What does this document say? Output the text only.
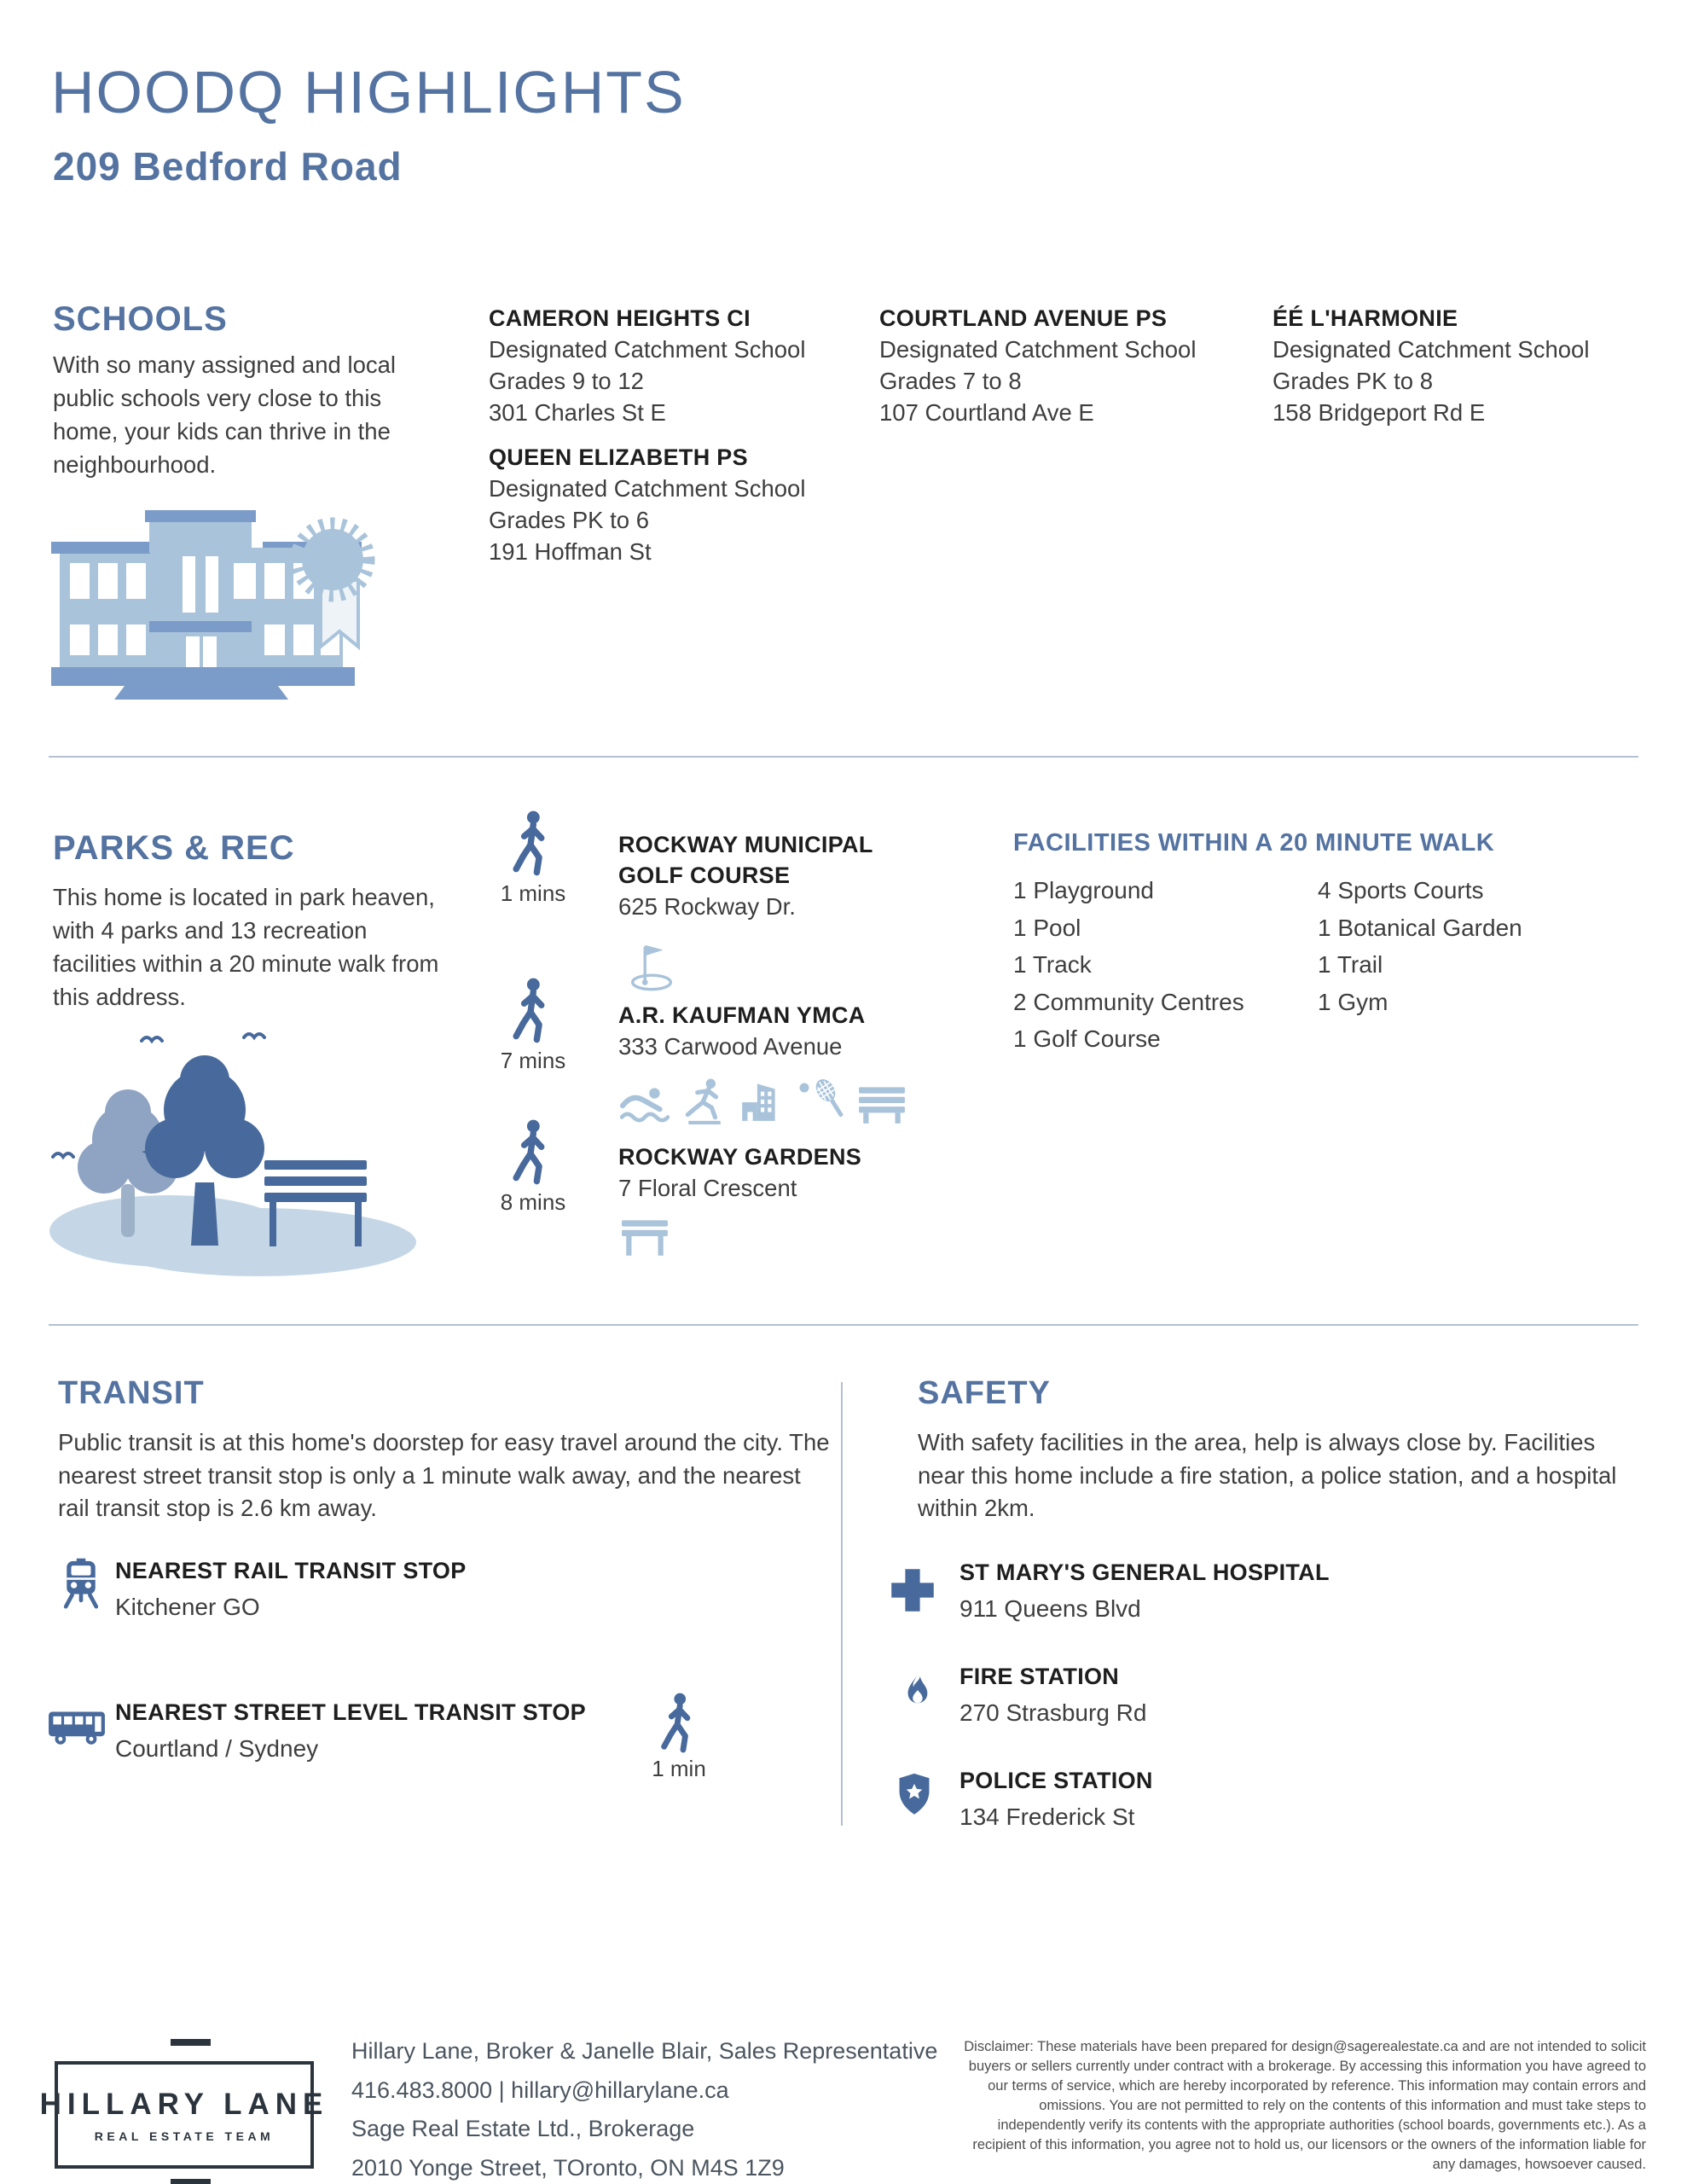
HOODQ HIGHLIGHTS
209 Bedford Road
SCHOOLS
With so many assigned and local public schools very close to this home, your kids can thrive in the neighbourhood.
CAMERON HEIGHTS CI
Designated Catchment School
Grades 9 to 12
301 Charles St E
QUEEN ELIZABETH PS
Designated Catchment School
Grades PK to 6
191 Hoffman St
COURTLAND AVENUE PS
Designated Catchment School
Grades 7 to 8
107 Courtland Ave E
ÉÉ L'HARMONIE
Designated Catchment School
Grades PK to 8
158 Bridgeport Rd E
PARKS & REC
This home is located in park heaven, with 4 parks and 13 recreation facilities within a 20 minute walk from this address.
1 mins
7 mins
8 mins
ROCKWAY MUNICIPAL GOLF COURSE
625 Rockway Dr.
A.R. KAUFMAN YMCA
333 Carwood Avenue
ROCKWAY GARDENS
7 Floral Crescent
FACILITIES WITHIN A 20 MINUTE WALK
1 Playground
1 Pool
1 Track
2 Community Centres
1 Golf Course
4 Sports Courts
1 Botanical Garden
1 Trail
1 Gym
TRANSIT
Public transit is at this home's doorstep for easy travel around the city. The nearest street transit stop is only a 1 minute walk away, and the nearest rail transit stop is 2.6 km away.
NEAREST RAIL TRANSIT STOP
Kitchener GO
NEAREST STREET LEVEL TRANSIT STOP
Courtland / Sydney
1 min
SAFETY
With safety facilities in the area, help is always close by. Facilities near this home include a fire station, a police station, and a hospital within 2km.
ST MARY'S GENERAL HOSPITAL
911 Queens Blvd
FIRE STATION
270 Strasburg Rd
POLICE STATION
134 Frederick St
HILLARY LANE
REAL ESTATE TEAM
Hillary Lane, Broker & Janelle Blair, Sales Representative
416.483.8000 | hillary@hillarylane.ca
Sage Real Estate Ltd., Brokerage
2010 Yonge Street, TOronto, ON M4S 1Z9
Disclaimer: These materials have been prepared for design@sagerealestate.ca and are not intended to solicit buyers or sellers currently under contract with a brokerage. By accessing this information you have agreed to our terms of service, which are hereby incorporated by reference. This information may contain errors and omissions. You are not permitted to rely on the contents of this information and must take steps to independently verify its contents with the appropriate authorities (school boards, governments etc.). As a recipient of this information, you agree not to hold us, our licensors or the owners of the information liable for any damages, howsoever caused.
